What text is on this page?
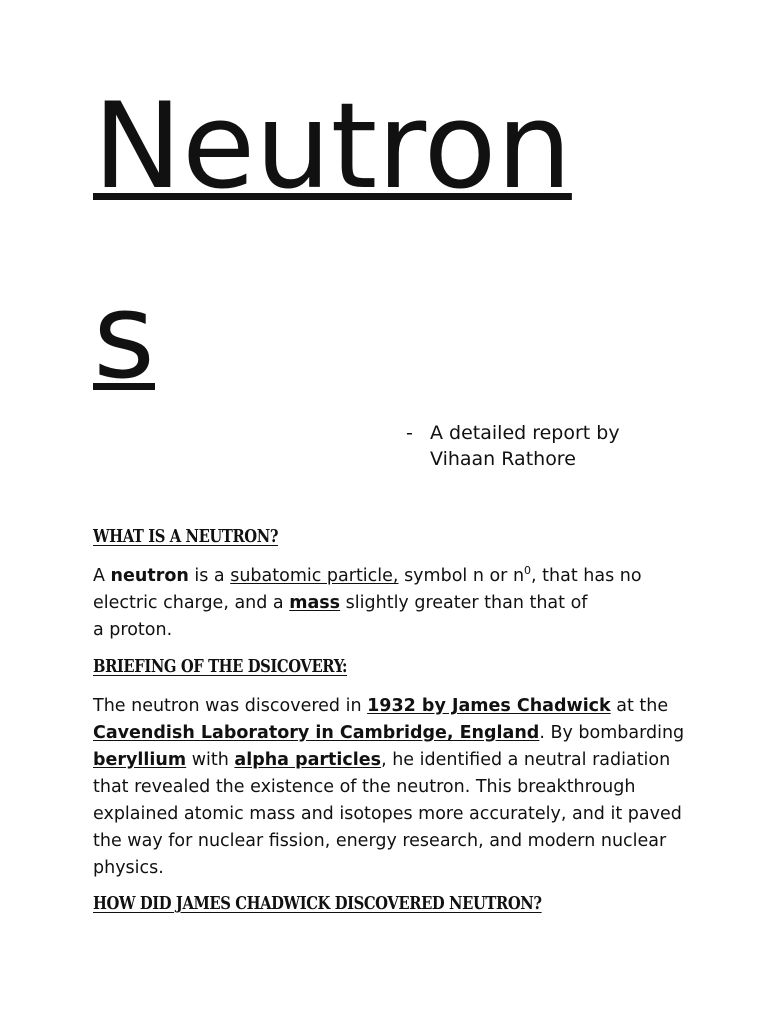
Neutron
s
- A detailed report by
Vihaan Rathore
WHAT IS A NEUTRON?

A neutron is a subatomic particle, symbol n or $n^0$, that has no electric charge, and a mass slightly greater than that of
a proton.

BRIEFING OF THE DSICOVERY:

The neutron was discovered in 1932 by James Chadwick at the Cavendish Laboratory in Cambridge, England. By bombarding beryllium with alpha particles, he identified a neutral radiation that revealed the existence of the neutron. This breakthrough explained atomic mass and isotopes more accurately, and it paved the way for nuclear fission, energy research, and modern nuclear physics.

HOW DID JAMES CHADWICK DISCOVERED NEUTRON?
